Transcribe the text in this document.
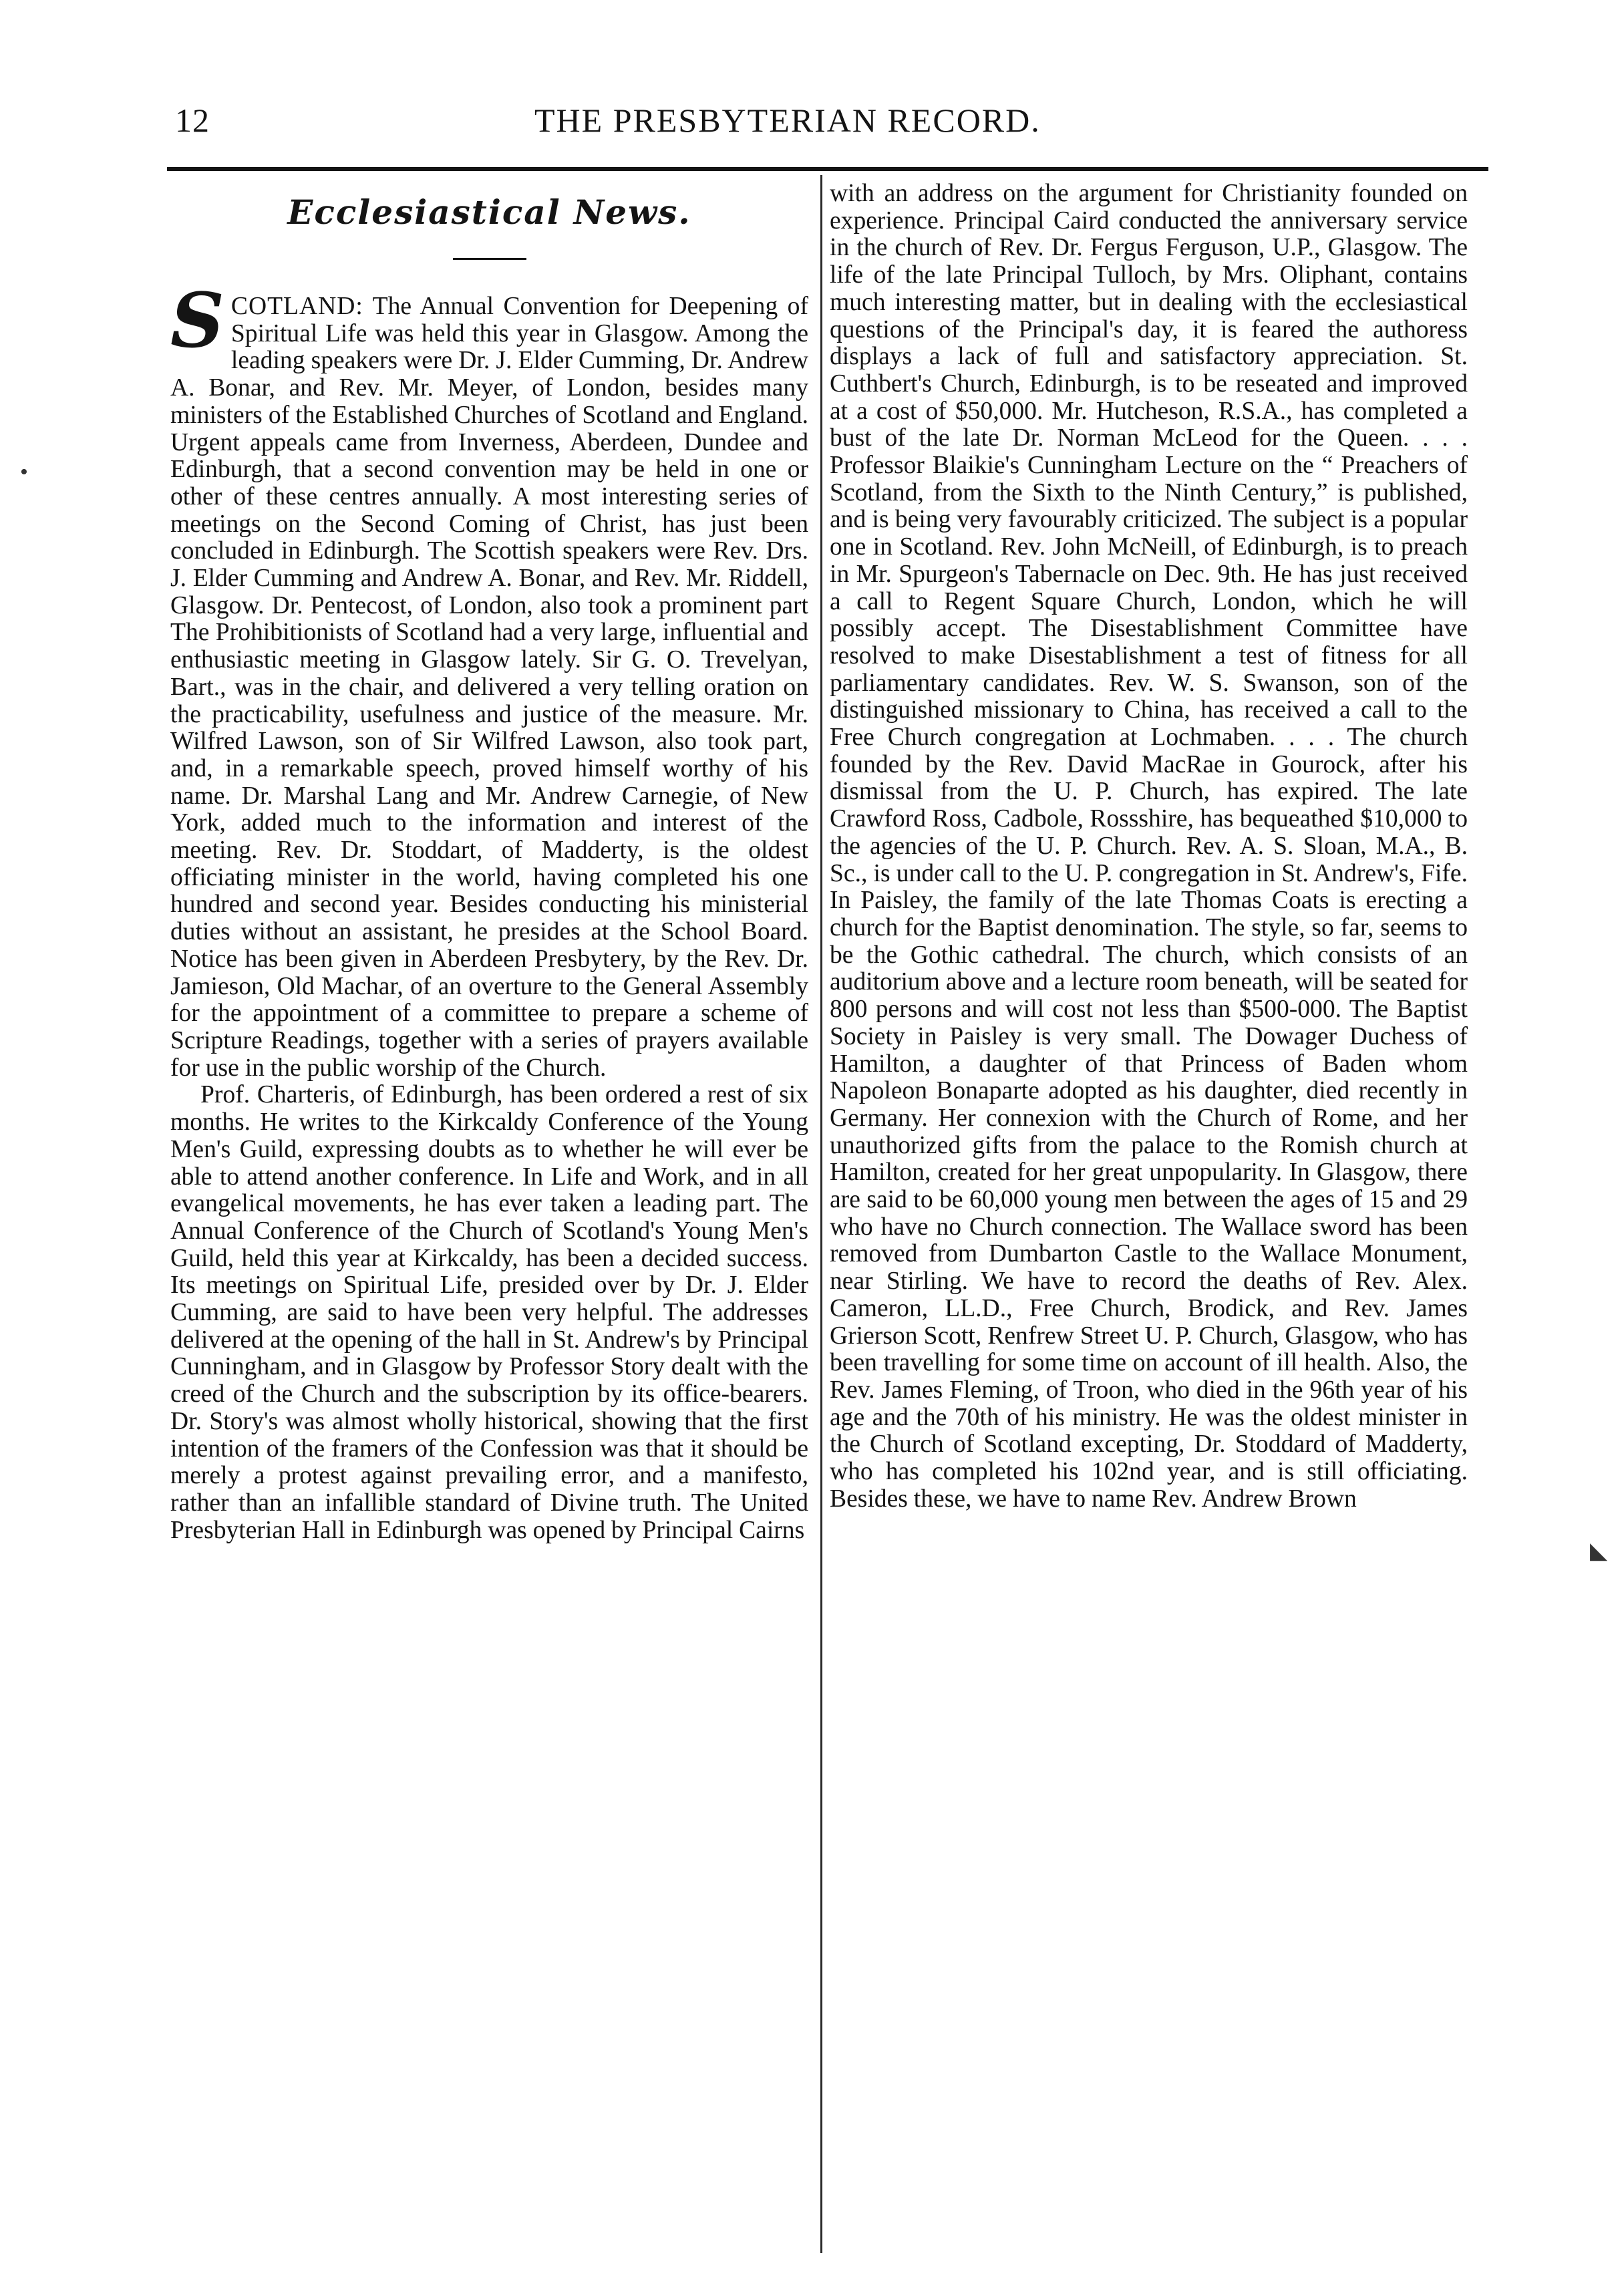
12	THE PRESBYTERIAN RECORD.
Ecclesiastical News.

SCOTLAND: The Annual Convention for Deepening of Spiritual Life was held this year in Glasgow. Among the leading speakers were Dr. J. Elder Cumming, Dr. Andrew A. Bonar, and Rev. Mr. Meyer, of London, besides many ministers of the Established Churches of Scotland and England. Urgent appeals came from Inverness, Aberdeen, Dundee and Edinburgh, that a second convention may be held in one or other of these centres annually. A most interesting series of meetings on the Second Coming of Christ, has just been concluded in Edinburgh. The Scottish speakers were Rev. Drs. J. Elder Cumming and Andrew A. Bonar, and Rev. Mr. Riddell, Glasgow. Dr. Pentecost, of London, also took a prominent part The Prohibitionists of Scotland had a very large, influential and enthusiastic meeting in Glasgow lately. Sir G. O. Trevelyan, Bart., was in the chair, and delivered a very telling oration on the practicability, usefulness and justice of the measure. Mr. Wilfred Lawson, son of Sir Wilfred Lawson, also took part, and, in a remarkable speech, proved himself worthy of his name. Dr. Marshal Lang and Mr. Andrew Carnegie, of New York, added much to the information and interest of the meeting. Rev. Dr. Stoddart, of Madderty, is the oldest officiating minister in the world, having completed his one hundred and second year. Besides conducting his ministerial duties without an assistant, he presides at the School Board. Notice has been given in Aberdeen Presbytery, by the Rev. Dr. Jamieson, Old Machar, of an overture to the General Assembly for the appointment of a committee to prepare a scheme of Scripture Readings, together with a series of prayers available for use in the public worship of the Church.

Prof. Charteris, of Edinburgh, has been ordered a rest of six months. He writes to the Kirkcaldy Conference of the Young Men's Guild, expressing doubts as to whether he will ever be able to attend another conference. In Life and Work, and in all evangelical movements, he has ever taken a leading part. The Annual Conference of the Church of Scotland's Young Men's Guild, held this year at Kirkcaldy, has been a decided success. Its meetings on Spiritual Life, presided over by Dr. J. Elder Cumming, are said to have been very helpful. The addresses delivered at the opening of the hall in St. Andrew's by Principal Cunningham, and in Glasgow by Professor Story dealt with the creed of the Church and the subscription by its office-bearers. Dr. Story's was almost wholly historical, showing that the first intention of the framers of the Confession was that it should be merely a protest against prevailing error, and a manifesto, rather than an infallible standard of Divine truth. The United Presbyterian Hall in Edinburgh was opened by Principal Cairns

with an address on the argument for Christianity founded on experience. Principal Caird conducted the anniversary service in the church of Rev. Dr. Fergus Ferguson, U.P., Glasgow. The life of the late Principal Tulloch, by Mrs. Oliphant, contains much interesting matter, but in dealing with the ecclesiastical questions of the Principal's day, it is feared the authoress displays a lack of full and satisfactory appreciation. St. Cuthbert's Church, Edinburgh, is to be reseated and improved at a cost of $50,000. Mr. Hutcheson, R.S.A., has completed a bust of the late Dr. Norman McLeod for the Queen. . . . Professor Blaikie's Cunningham Lecture on the “ Preachers of Scotland, from the Sixth to the Ninth Century,” is published, and is being very favourably criticized. The subject is a popular one in Scotland. Rev. John McNeill, of Edinburgh, is to preach in Mr. Spurgeon's Tabernacle on Dec. 9th. He has just received a call to Regent Square Church, London, which he will possibly accept. The Disestablishment Committee have resolved to make Disestablishment a test of fitness for all parliamentary candidates. Rev. W. S. Swanson, son of the distinguished missionary to China, has received a call to the Free Church congregation at Lochmaben. . . . The church founded by the Rev. David MacRae in Gourock, after his dismissal from the U. P. Church, has expired. The late Crawford Ross, Cadbole, Rossshire, has bequeathed $10,000 to the agencies of the U. P. Church. Rev. A. S. Sloan, M.A., B. Sc., is under call to the U. P. congregation in St. Andrew's, Fife. In Paisley, the family of the late Thomas Coats is erecting a church for the Baptist denomination. The style, so far, seems to be the Gothic cathedral. The church, which consists of an auditorium above and a lecture room beneath, will be seated for 800 persons and will cost not less than $500-000. The Baptist Society in Paisley is very small. The Dowager Duchess of Hamilton, a daughter of that Princess of Baden whom Napoleon Bonaparte adopted as his daughter, died recently in Germany. Her connexion with the Church of Rome, and her unauthorized gifts from the palace to the Romish church at Hamilton, created for her great unpopularity. In Glasgow, there are said to be 60,000 young men between the ages of 15 and 29 who have no Church connection. The Wallace sword has been removed from Dumbarton Castle to the Wallace Monument, near Stirling. We have to record the deaths of Rev. Alex. Cameron, LL.D., Free Church, Brodick, and Rev. James Grierson Scott, Renfrew Street U. P. Church, Glasgow, who has been travelling for some time on account of ill health. Also, the Rev. James Fleming, of Troon, who died in the 96th year of his age and the 70th of his ministry. He was the oldest minister in the Church of Scotland excepting, Dr. Stoddard of Madderty, who has completed his 102nd year, and is still officiating. Besides these, we have to name Rev. Andrew Brown

•
◣
